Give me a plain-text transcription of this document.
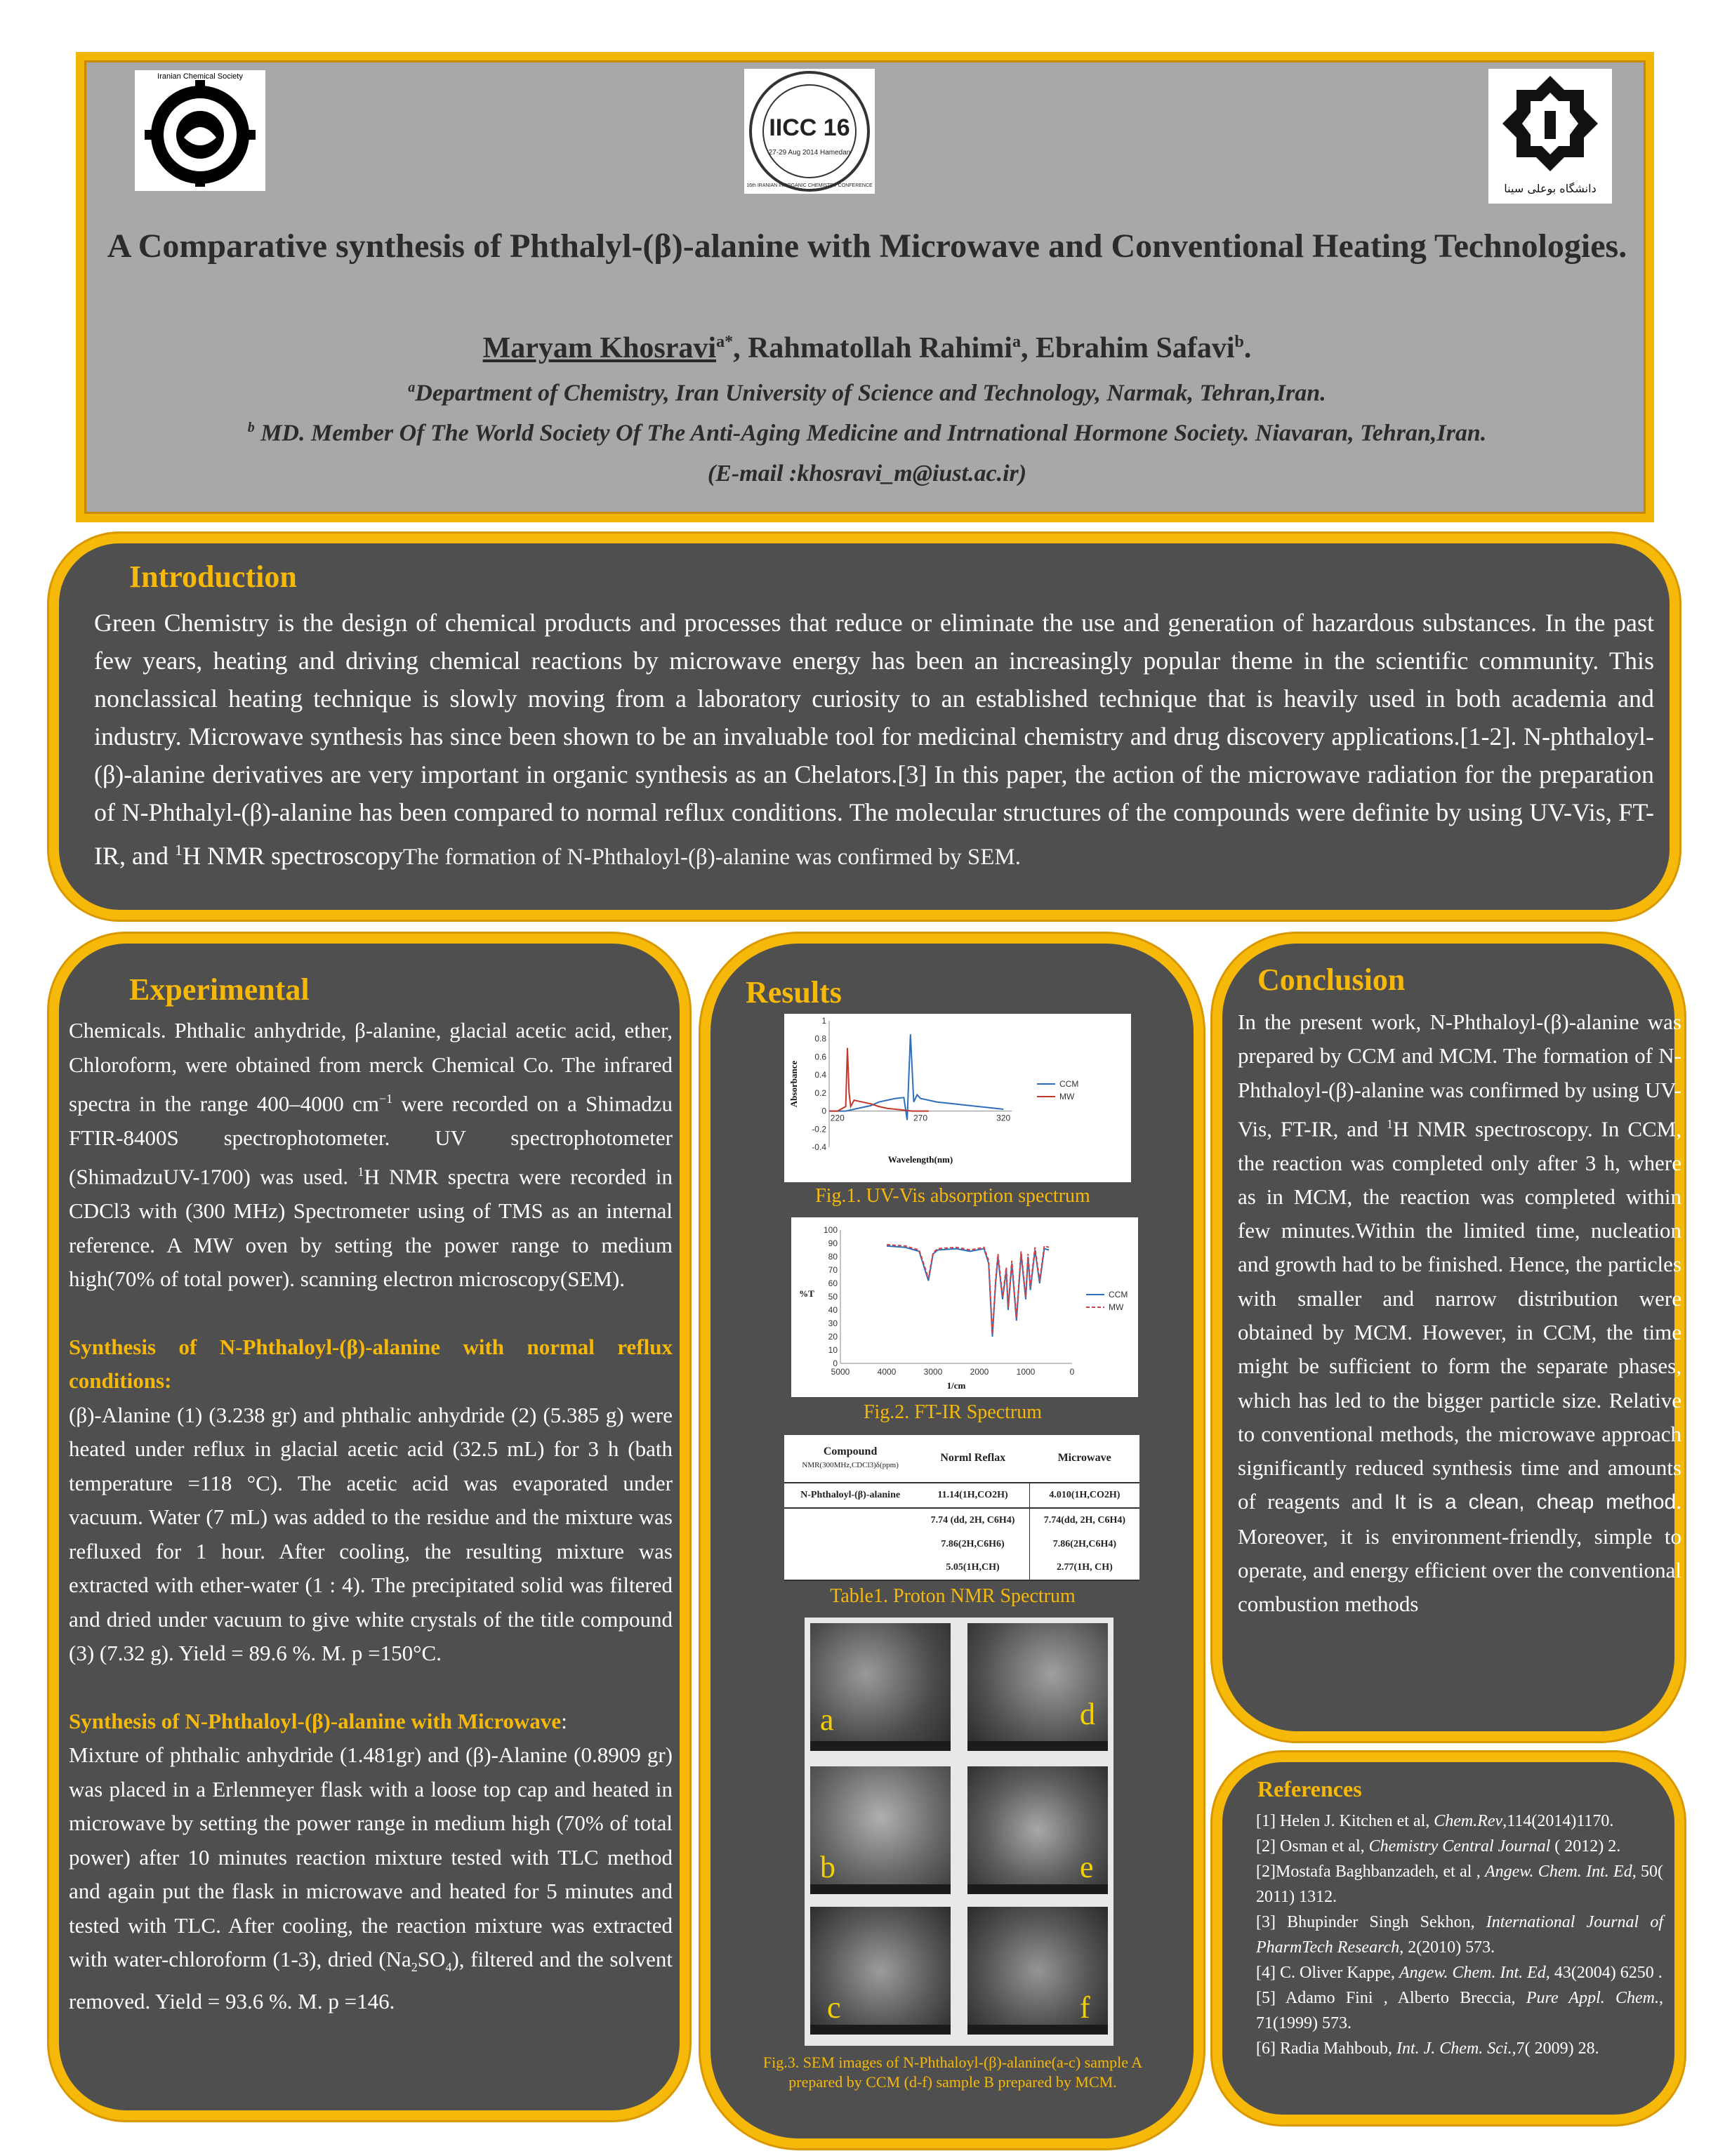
Iranian Chemical Society
IICC 16
27-29 Aug 2014 Hamedan
16th IRANIAN INORGANIC CHEMISTRY CONFERENCE	دانشگاه بوعلی سینا
A Comparative synthesis of Phthalyl-(β)-alanine with Microwave and Conventional Heating Technologies.
Maryam Khosravi$^{a*}$, Rahmatollah Rahimi$^a$, Ebrahim Safavi$^b$.
$^a$Department of Chemistry, Iran University of Science and Technology, Narmak, Tehran,Iran.
$^b$ MD. Member Of The World Society Of The Anti-Aging Medicine and Intrnational Hormone Society. Niavaran, Tehran,Iran.
(E-mail :khosravi_m@iust.ac.ir)
Introduction
Green Chemistry is the design of chemical products and processes that reduce or eliminate the use and generation of hazardous substances. In the past few years, heating and driving chemical reactions by microwave energy has been an increasingly popular theme in the scientific community. This nonclassical heating technique is slowly moving from a laboratory curiosity to an established technique that is heavily used in both academia and industry. Microwave synthesis has since been shown to be an invaluable tool for medicinal chemistry and drug discovery applications.[1-2]. N-phthaloyl-(β)-alanine derivatives are very important in organic synthesis as an Chelators.[3] In this paper, the action of the microwave radiation for the preparation of N-Phthalyl-(β)-alanine has been compared to normal reflux conditions. The molecular structures of the compounds were definite by using UV-Vis, FT-IR, and $^1$H NMR spectroscopyThe formation of N-Phthaloyl-(β)-alanine was confirmed by SEM.
Experimental

Chemicals. Phthalic anhydride, β-alanine, glacial acetic acid, ether, Chloroform, were obtained from merck Chemical Co. The infrared spectra in the range 400–4000 $cm^{-1}$ were recorded on a Shimadzu FTIR-8400S spectrophotometer. UV spectrophotometer (ShimadzuUV-1700) was used. $^1$H NMR spectra were recorded in CDCl3 with (300 MHz) Spectrometer using of TMS as an internal reference. A MW oven by setting the power range to medium high(70% of total power). scanning electron microscopy(SEM).

Synthesis of N-Phthaloyl-(β)-alanine with normal reflux conditions:

(β)-Alanine (1) (3.238 gr) and phthalic anhydride (2) (5.385 g) were heated under reflux in glacial acetic acid (32.5 mL) for 3 h (bath temperature =118 °C). The acetic acid was evaporated under vacuum. Water (7 mL) was added to the residue and the mixture was refluxed for 1 hour. After cooling, the resulting mixture was extracted with ether-water (1 : 4). The precipitated solid was filtered and dried under vacuum to give white crystals of the title compound (3) (7.32 g). Yield = 89.6 %. M. p =150°C.

Synthesis of N-Phthaloyl-(β)-alanine with Microwave:
Mixture of phthalic anhydride (1.481gr) and (β)-Alanine (0.8909 gr) was placed in a Erlenmeyer flask with a loose top cap and heated in microwave by setting the power range in medium high (70% of total power) after 10 minutes reaction mixture tested with TLC method and again put the flask in microwave and heated for 5 minutes and tested with TLC. After cooling, the reaction mixture was extracted with water-chloroform (1-3), dried $(Na_2SO_4)$, filtered and the solvent removed. Yield = 93.6 %. M. p =146.

Results
-0.4
-0.2
0
0.2
0.4
0.6
0.8
1
220	270	320
Wavelength(nm)
Absorbance	CCM
MW
Fig.1. UV-Vis absorption spectrum
0
10
20
30
40
50
60
70
80
90
100
5000	4000	3000	2000	1000	0
1/cm
%T	CCM
MW
Fig.2. FT-IR Spectrum
Compound
NMR(300MHz,CDCl3)δ(ppm)	Norml Reflax	Microwave
N-Phthaloyl-(β)-alanine	11.14(1H,CO2H)	4.010(1H,CO2H)
	7.74 (dd, 2H, C6H4)	7.74(dd, 2H, C6H4)
	7.86(2H,C6H6)	7.86(2H,C6H4)
	5.05(1H,CH)	2.77(1H, CH)
Table1. Proton NMR Spectrum
a	d
b	e
c	f
Fig.3. SEM images of N-Phthaloyl-(β)-alanine(a-c) sample A prepared by CCM (d-f) sample B prepared by MCM.
Conclusion
In the present work, N-Phthaloyl-(β)-alanine was prepared by CCM and MCM. The formation of N-Phthaloyl-(β)-alanine was confirmed by using UV-Vis, FT-IR, and $^1$H NMR spectroscopy. In CCM, the reaction was completed only after 3 h, where as in MCM, the reaction was completed within few minutes.Within the limited time, nucleation and growth had to be finished. Hence, the particles with smaller and narrow distribution were obtained by MCM. However, in CCM, the time might be sufficient to form the separate phases, which has led to the bigger particle size. Relative to conventional methods, the microwave approach significantly reduced synthesis time and amounts of reagents and It is a clean, cheap method. Moreover, it is environment-friendly, simple to operate, and energy efficient over the conventional combustion methods
References
[1] Helen J. Kitchen et al, Chem.Rev,114(2014)1170.
[2] Osman et al, Chemistry Central Journal ( 2012) 2.
[2]Mostafa Baghbanzadeh, et al , Angew. Chem. Int. Ed, 50( 2011) 1312.
[3] Bhupinder Singh Sekhon, International Journal of PharmTech Research, 2(2010) 573.
[4] C. Oliver Kappe, Angew. Chem. Int. Ed, 43(2004) 6250 .
[5] Adamo Fini , Alberto Breccia, Pure Appl. Chem., 71(1999) 573.
[6] Radia Mahboub, Int. J. Chem. Sci.,7( 2009) 28.
